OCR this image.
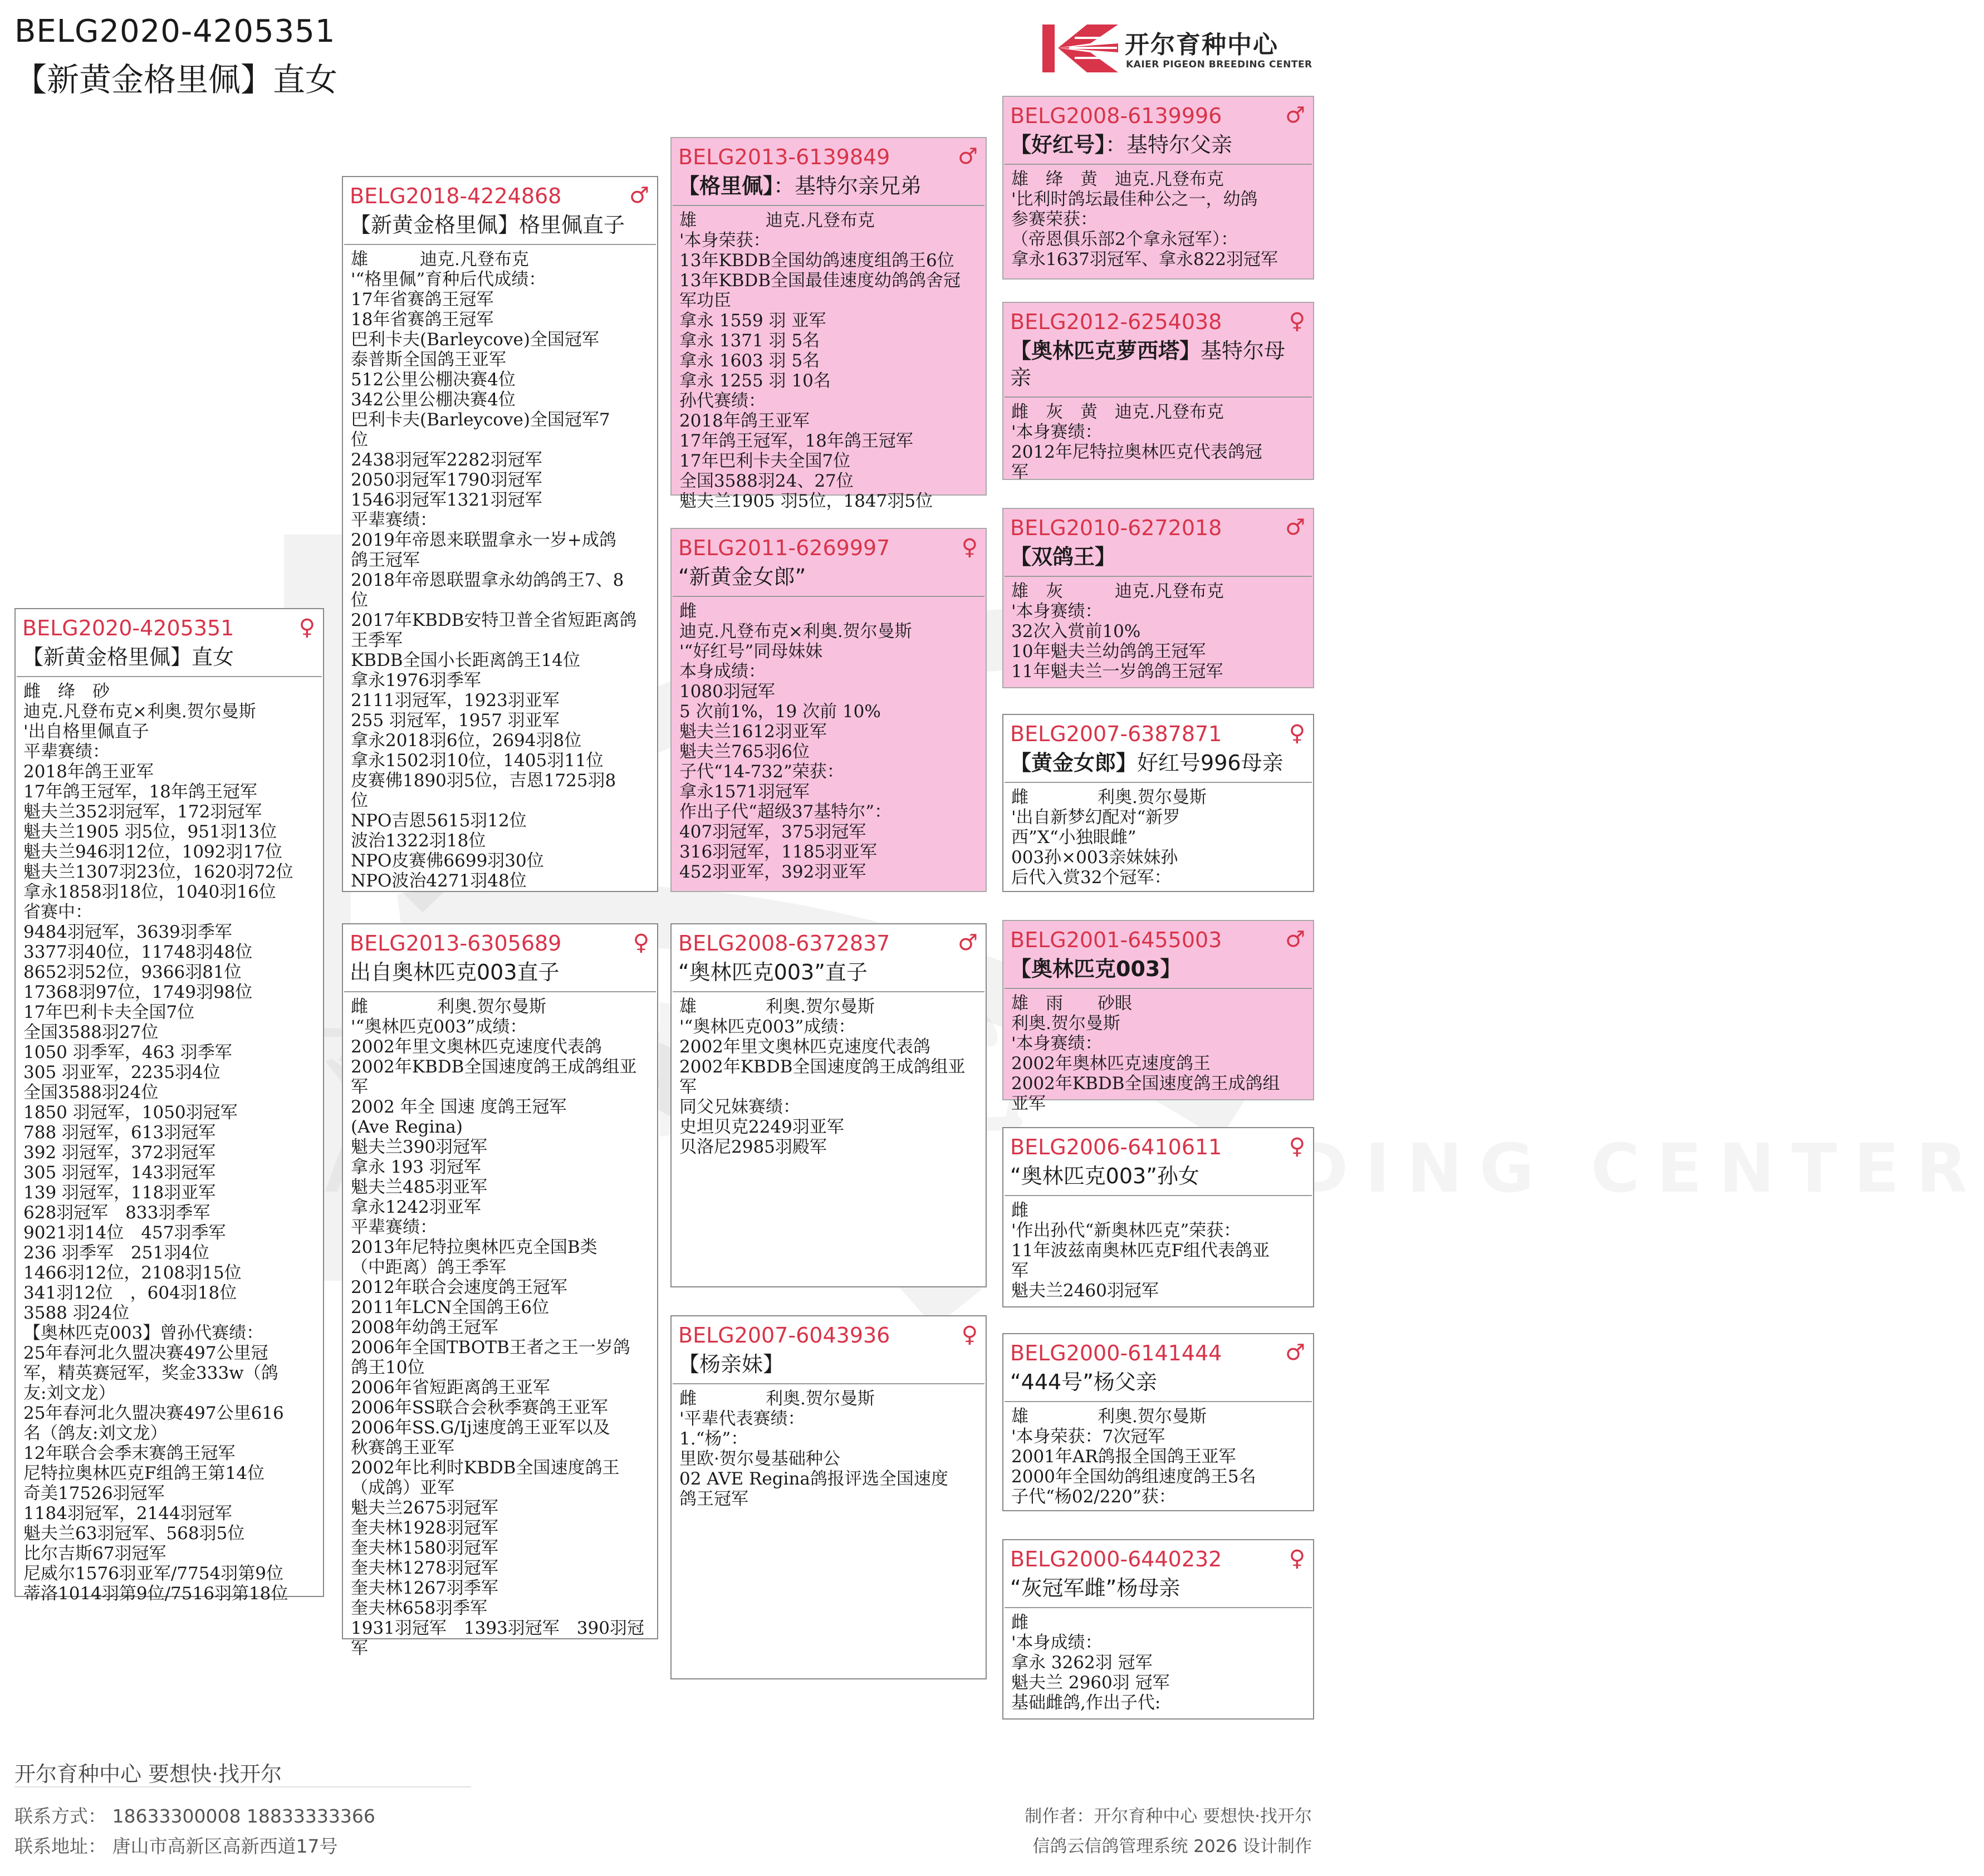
BELG2020-4205351
【新黄金格里佩】直女
开尔育种中心
KAIER PIGEON BREEDING CENTER
BELG2020-4205351	♀
【新黄金格里佩】直女
雌　绛　砂
迪克.凡登布克×利奥.贺尔曼斯
'出自格里佩直子
平辈赛绩：
2018年鸽王亚军
17年鸽王冠军，18年鸽王冠军
魁夫兰352羽冠军，172羽冠军
魁夫兰1905 羽5位，951羽13位
魁夫兰946羽12位，1092羽17位
魁夫兰1307羽23位，1620羽72位
拿永1858羽18位，1040羽16位
省赛中：
9484羽冠军，3639羽季军
3377羽40位，11748羽48位
8652羽52位，9366羽81位
17368羽97位，1749羽98位
17年巴利卡夫全国7位
全国3588羽27位
1050 羽季军，463 羽季军
305 羽亚军，2235羽4位
全国3588羽24位
1850 羽冠军，1050羽冠军
788 羽冠军，613羽冠军
392 羽冠军，372羽冠军
305 羽冠军，143羽冠军
139 羽冠军，118羽亚军
628羽冠军　833羽季军
9021羽14位　457羽季军
236 羽季军　251羽4位
1466羽12位，2108羽15位
341羽12位　，604羽18位
3588 羽24位
【奥林匹克003】曾孙代赛绩：
25年春河北久盟决赛497公里冠
军，精英赛冠军，奖金333w（鸽
友:刘文龙）
25年春河北久盟决赛497公里616
名（鸽友:刘文龙）
12年联合会季末赛鸽王冠军
尼特拉奥林匹克F组鸽王第14位
奇美17526羽冠军
1184羽冠军，2144羽冠军
魁夫兰63羽冠军、568羽5位
比尔吉斯67羽冠军
尼威尔1576羽亚军/7754羽第9位
蒂洛1014羽第9位/7516羽第18位
BELG2018-4224868	♂
【新黄金格里佩】格里佩直子
雄　　　迪克.凡登布克
'“格里佩”育种后代成绩：
17年省赛鸽王冠军
18年省赛鸽王冠军
巴利卡夫(Barleycove)全国冠军
泰普斯全国鸽王亚军
512公里公棚决赛4位
342公里公棚决赛4位
巴利卡夫(Barleycove)全国冠军7
位
2438羽冠军2282羽冠军
2050羽冠军1790羽冠军
1546羽冠军1321羽冠军
平辈赛绩：
2019年帝恩来联盟拿永一岁+成鸽
鸽王冠军
2018年帝恩联盟拿永幼鸽鸽王7、8
位
2017年KBDB安特卫普全省短距离鸽
王季军
KBDB全国小长距离鸽王14位
拿永1976羽季军
2111羽冠军，1923羽亚军
255 羽冠军，1957 羽亚军
拿永2018羽6位，2694羽8位
拿永1502羽10位，1405羽11位
皮赛佛1890羽5位，吉恩1725羽8
位
NPO吉恩5615羽12位
波治1322羽18位
NPO皮赛佛6699羽30位
NPO波治4271羽48位
BELG2013-6305689	♀
出自奥林匹克003直子
雌　　　　利奥.贺尔曼斯
'“奥林匹克003”成绩：
2002年里文奥林匹克速度代表鸽
2002年KBDB全国速度鸽王成鸽组亚
军
2002 年全 国速 度鸽王冠军
(Ave Regina)
魁夫兰390羽冠军
拿永 193 羽冠军
魁夫兰485羽亚军
拿永1242羽亚军
平辈赛绩：
2013年尼特拉奥林匹克全国B类
（中距离）鸽王季军
2012年联合会速度鸽王冠军
2011年LCN全国鸽王6位
2008年幼鸽王冠军
2006年全国TBOTB王者之王一岁鸽
鸽王10位
2006年省短距离鸽王亚军
2006年SS联合会秋季赛鸽王亚军
2006年SS.G/Ij速度鸽王亚军以及
秋赛鸽王亚军
2002年比利时KBDB全国速度鸽王
（成鸽）亚军
魁夫兰2675羽冠军
奎夫林1928羽冠军
奎夫林1580羽冠军
奎夫林1278羽冠军
奎夫林1267羽季军
奎夫林658羽季军
1931羽冠军　1393羽冠军　390羽冠
军
BELG2013-6139849	♂
【格里佩】：基特尔亲兄弟
雄　　　　迪克.凡登布克
'本身荣获：
13年KBDB全国幼鸽速度组鸽王6位
13年KBDB全国最佳速度幼鸽鸽舍冠
军功臣
拿永 1559 羽 亚军
拿永 1371 羽 5名
拿永 1603 羽 5名
拿永 1255 羽 10名
孙代赛绩：
2018年鸽王亚军
17年鸽王冠军，18年鸽王冠军
17年巴利卡夫全国7位
全国3588羽24、27位
魁夫兰1905 羽5位，1847羽5位
BELG2011-6269997	♀
“新黄金女郎”
雌
迪克.凡登布克×利奥.贺尔曼斯
'“好红号”同母妹妹
本身成绩：
1080羽冠军
5 次前1%，19 次前 10%
魁夫兰1612羽亚军
魁夫兰765羽6位
子代“14-732”荣获：
拿永1571羽冠军
作出子代“超级37基特尔”：
407羽冠军，375羽冠军
316羽冠军，1185羽亚军
452羽亚军，392羽亚军
BELG2008-6372837	♂
“奥林匹克003”直子
雄　　　　利奥.贺尔曼斯
'“奥林匹克003”成绩：
2002年里文奥林匹克速度代表鸽
2002年KBDB全国速度鸽王成鸽组亚
军
同父兄妹赛绩：
史坦贝克2249羽亚军
贝洛尼2985羽殿军
BELG2007-6043936	♀
【杨亲妹】
雌　　　　利奥.贺尔曼斯
'平辈代表赛绩：
1.“杨”：
里欧·贺尔曼基础种公
02 AVE Regina鸽报评选全国速度
鸽王冠军
BELG2008-6139996	♂
【好红号】：基特尔父亲
雄　绛　黄　迪克.凡登布克
'比利时鸽坛最佳种公之一，幼鸽
参赛荣获：
（帝恩俱乐部2个拿永冠军）：
拿永1637羽冠军、拿永822羽冠军
BELG2012-6254038	♀
【奥林匹克萝西塔】基特尔母亲
雌　灰　黄　迪克.凡登布克
'本身赛绩：
2012年尼特拉奥林匹克代表鸽冠
军
BELG2010-6272018	♂
【双鸽王】
雄　灰　　　迪克.凡登布克
'本身赛绩：
32次入赏前10%
10年魁夫兰幼鸽鸽王冠军
11年魁夫兰一岁鸽鸽王冠军
BELG2007-6387871	♀
【黄金女郎】好红号996母亲
雌　　　　利奥.贺尔曼斯
'出自新梦幻配对“新罗
西”X“小独眼雌”
003孙×003亲妹妹孙
后代入赏32个冠军：
BELG2001-6455003	♂
【奥林匹克003】
雄　雨　　砂眼
利奥.贺尔曼斯
'本身赛绩：
2002年奥林匹克速度鸽王
2002年KBDB全国速度鸽王成鸽组
亚军
BELG2006-6410611	♀
“奥林匹克003”孙女
雌
'作出孙代“新奥林匹克”荣获：
11年波兹南奥林匹克F组代表鸽亚
军
魁夫兰2460羽冠军
BELG2000-6141444	♂
“444号”杨父亲
雄　　　　利奥.贺尔曼斯
'本身荣获：7次冠军
2001年AR鸽报全国鸽王亚军
2000年全国幼鸽组速度鸽王5名
子代“杨02/220”获：
BELG2000-6440232	♀
“灰冠军雌”杨母亲
雌
'本身成绩：
拿永 3262羽 冠军
魁夫兰 2960羽 冠军
基础雌鸽,作出子代:
开尔育种中心 要想快·找开尔
联系方式： 18633300008 18833333366
联系地址： 唐山市高新区高新西道17号
制作者：开尔育种中心 要想快·找开尔
信鸽云信鸽管理系统 2026 设计制作
